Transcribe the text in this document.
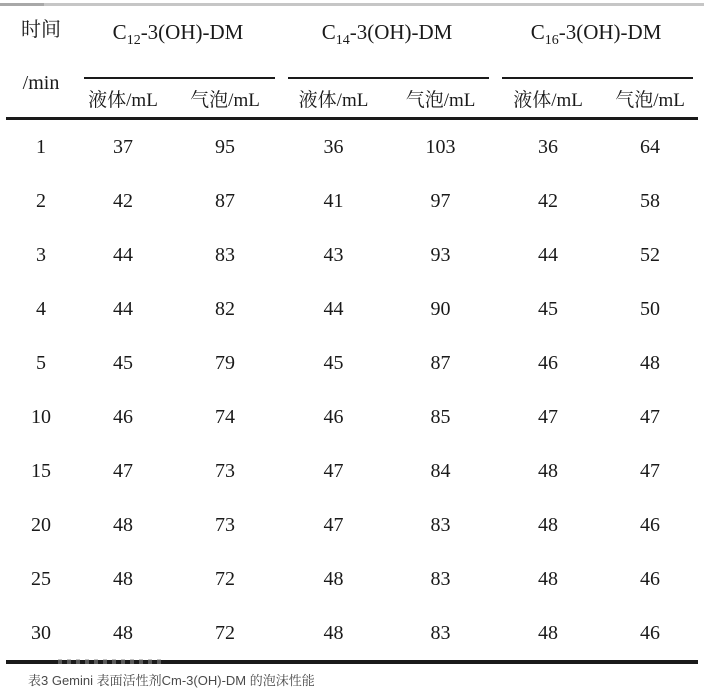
时间
/min	$C_{12}-3(OH)-DM$		$C_{14}-3(OH)-DM$		$C_{16}-3(OH)-DM$	
	液体/mL	气泡/mL	液体/mL	气泡/mL	液体/mL	气泡/mL
1	37	95	36	103	36	64
2	42	87	41	97	42	58
3	44	83	43	93	44	52
4	44	82	44	90	45	50
5	45	79	45	87	46	48
10	46	74	46	85	47	47
15	47	73	47	84	48	47
20	48	73	47	83	48	46
25	48	72	48	83	48	46
30	48	72	48	83	48	46
表3 Gemini 表面活性剂Cm-3(OH)-DM 的泡沫性能
